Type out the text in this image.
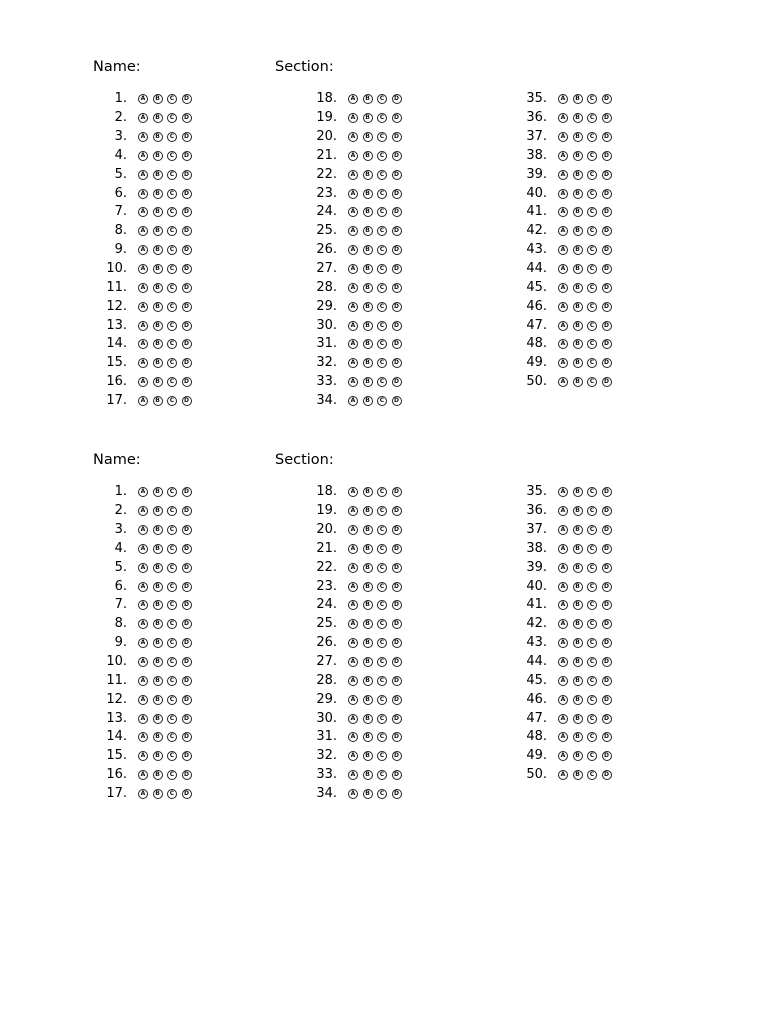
Name:	Section:
1.	A	B	C	D
2.	A	B	C	D
3.	A	B	C	D
4.	A	B	C	D
5.	A	B	C	D
6.	A	B	C	D
7.	A	B	C	D
8.	A	B	C	D
9.	A	B	C	D
10.	A	B	C	D
11.	A	B	C	D
12.	A	B	C	D
13.	A	B	C	D
14.	A	B	C	D
15.	A	B	C	D
16.	A	B	C	D
17.	A	B	C	D
18.	A	B	C	D
19.	A	B	C	D
20.	A	B	C	D
21.	A	B	C	D
22.	A	B	C	D
23.	A	B	C	D
24.	A	B	C	D
25.	A	B	C	D
26.	A	B	C	D
27.	A	B	C	D
28.	A	B	C	D
29.	A	B	C	D
30.	A	B	C	D
31.	A	B	C	D
32.	A	B	C	D
33.	A	B	C	D
34.	A	B	C	D
35.	A	B	C	D
36.	A	B	C	D
37.	A	B	C	D
38.	A	B	C	D
39.	A	B	C	D
40.	A	B	C	D
41.	A	B	C	D
42.	A	B	C	D
43.	A	B	C	D
44.	A	B	C	D
45.	A	B	C	D
46.	A	B	C	D
47.	A	B	C	D
48.	A	B	C	D
49.	A	B	C	D
50.	A	B	C	D
Name:	Section:
1.	A	B	C	D
2.	A	B	C	D
3.	A	B	C	D
4.	A	B	C	D
5.	A	B	C	D
6.	A	B	C	D
7.	A	B	C	D
8.	A	B	C	D
9.	A	B	C	D
10.	A	B	C	D
11.	A	B	C	D
12.	A	B	C	D
13.	A	B	C	D
14.	A	B	C	D
15.	A	B	C	D
16.	A	B	C	D
17.	A	B	C	D
18.	A	B	C	D
19.	A	B	C	D
20.	A	B	C	D
21.	A	B	C	D
22.	A	B	C	D
23.	A	B	C	D
24.	A	B	C	D
25.	A	B	C	D
26.	A	B	C	D
27.	A	B	C	D
28.	A	B	C	D
29.	A	B	C	D
30.	A	B	C	D
31.	A	B	C	D
32.	A	B	C	D
33.	A	B	C	D
34.	A	B	C	D
35.	A	B	C	D
36.	A	B	C	D
37.	A	B	C	D
38.	A	B	C	D
39.	A	B	C	D
40.	A	B	C	D
41.	A	B	C	D
42.	A	B	C	D
43.	A	B	C	D
44.	A	B	C	D
45.	A	B	C	D
46.	A	B	C	D
47.	A	B	C	D
48.	A	B	C	D
49.	A	B	C	D
50.	A	B	C	D
